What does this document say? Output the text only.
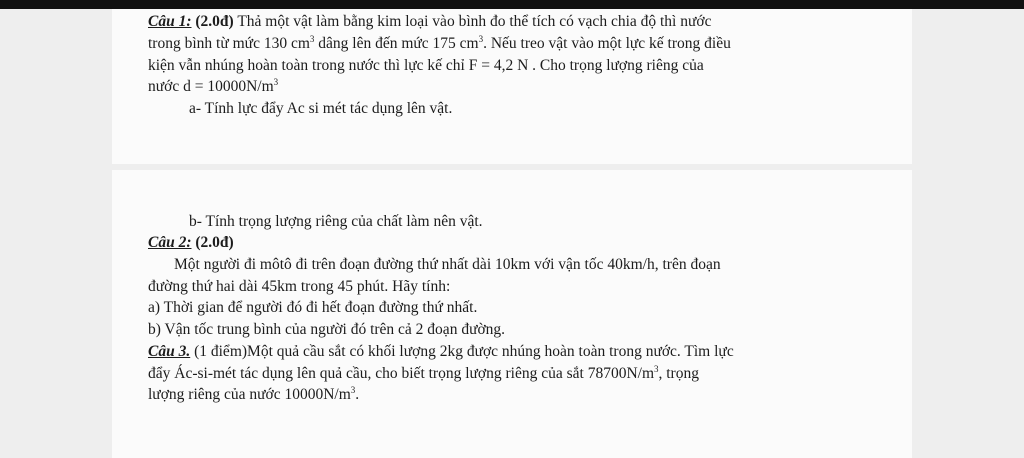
Câu 1: (2.0đ) Thả một vật làm bằng kim loại vào bình đo thể tích có vạch chia độ thì nước
trong bình từ mức 130 $cm^3$ dâng lên đến mức 175 $cm^3$. Nếu treo vật vào một lực kế trong điều
kiện vẫn nhúng hoàn toàn trong nước thì lực kế chỉ F = 4,2 N . Cho trọng lượng riêng của
nước $d = 10000N/m^3$
a- Tính lực đẩy Ac si mét tác dụng lên vật.
b- Tính trọng lượng riêng của chất làm nên vật.
Câu 2: (2.0đ)
Một người đi môtô đi trên đoạn đường thứ nhất dài 10km với vận tốc 40km/h, trên đoạn
đường thứ hai dài 45km trong 45 phút. Hãy tính:
a) Thời gian để người đó đi hết đoạn đường thứ nhất.
b) Vận tốc trung bình của người đó trên cả 2 đoạn đường.
Câu 3. (1 điểm)Một quả cầu sắt có khối lượng 2kg được nhúng hoàn toàn trong nước. Tìm lực
đẩy Ác-si-mét tác dụng lên quả cầu, cho biết trọng lượng riêng của sắt $78700N/m^3$, trọng
lượng riêng của nước $10000N/m^3$.
